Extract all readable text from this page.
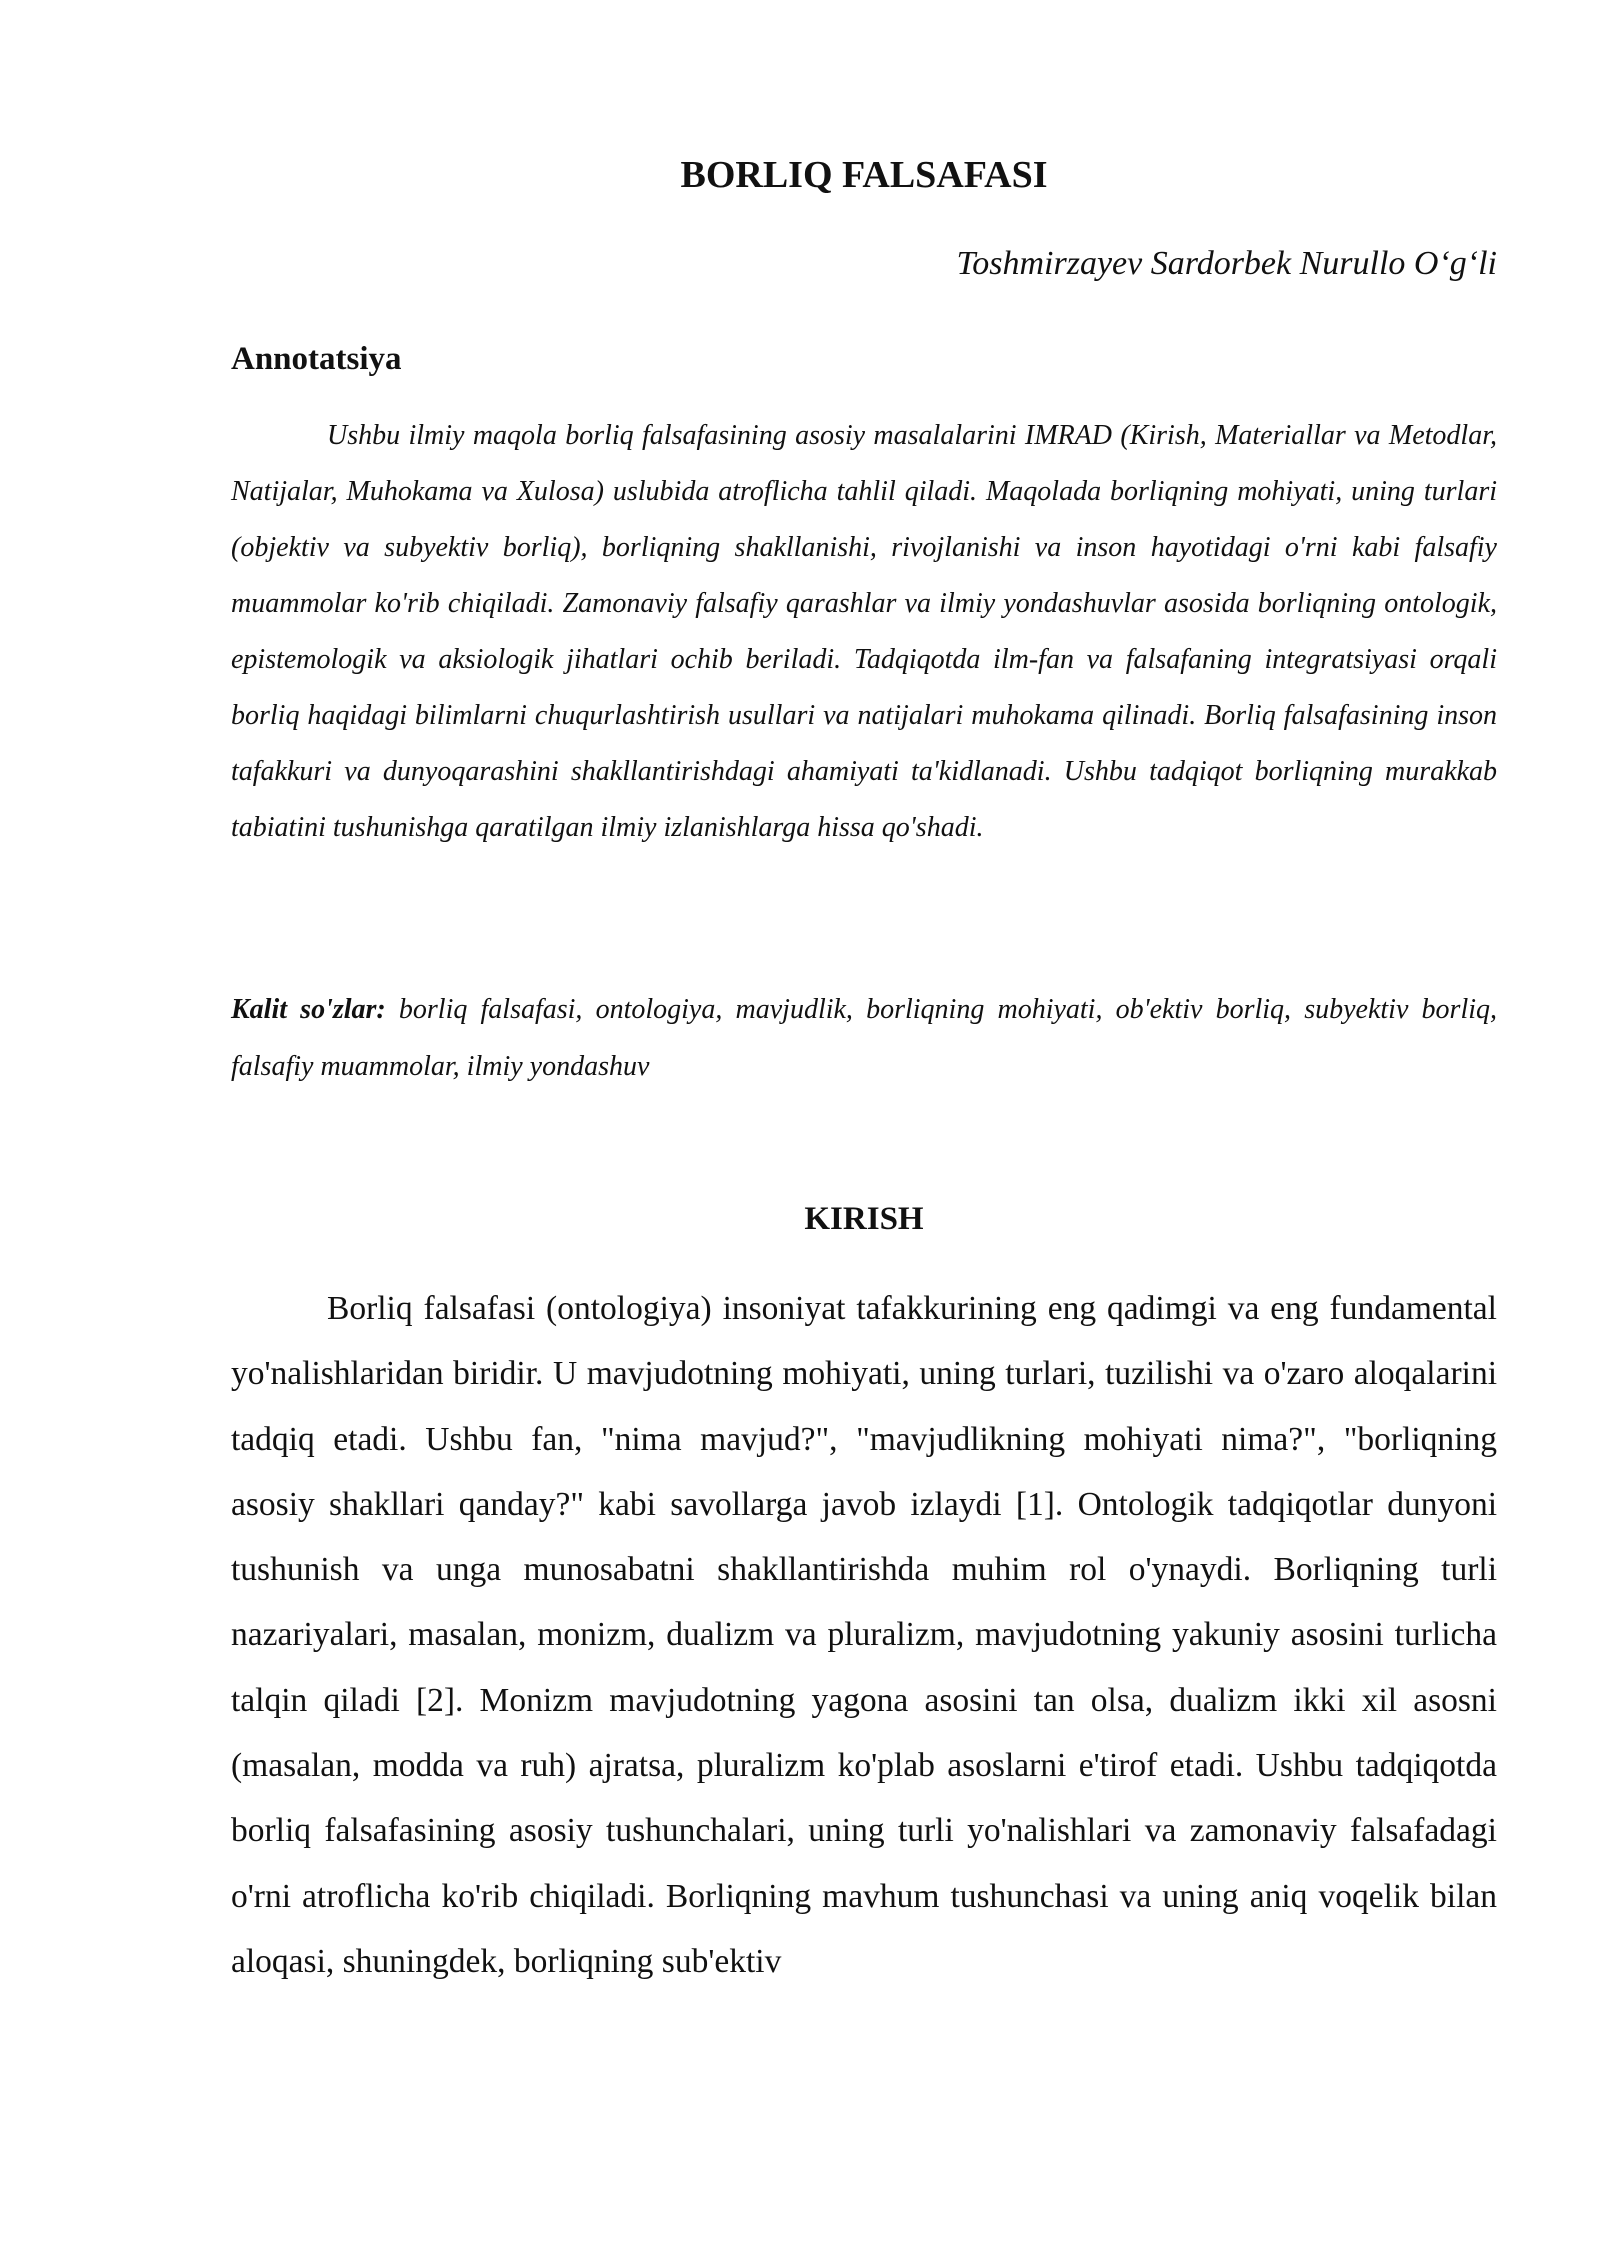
BORLIQ FALSAFASI

Toshmirzayev Sardorbek Nurullo O‘g‘li

Annotatsiya

Ushbu ilmiy maqola borliq falsafasining asosiy masalalarini IMRAD (Kirish, Materiallar va Metodlar, Natijalar, Muhokama va Xulosa) uslubida atroflicha tahlil qiladi. Maqolada borliqning mohiyati, uning turlari (objektiv va subyektiv borliq), borliqning shakllanishi, rivojlanishi va inson hayotidagi o'rni kabi falsafiy muammolar ko'rib chiqiladi. Zamonaviy falsafiy qarashlar va ilmiy yondashuvlar asosida borliqning ontologik, epistemologik va aksiologik jihatlari ochib beriladi. Tadqiqotda ilm-fan va falsafaning integratsiyasi orqali borliq haqidagi bilimlarni chuqurlashtirish usullari va natijalari muhokama qilinadi. Borliq falsafasining inson tafakkuri va dunyoqarashini shakllantirishdagi ahamiyati ta'kidlanadi. Ushbu tadqiqot borliqning murakkab tabiatini tushunishga qaratilgan ilmiy izlanishlarga hissa qo'shadi.

Kalit so'zlar: borliq falsafasi, ontologiya, mavjudlik, borliqning mohiyati, ob'ektiv borliq, subyektiv borliq, falsafiy muammolar, ilmiy yondashuv

KIRISH

Borliq falsafasi (ontologiya) insoniyat tafakkurining eng qadimgi va eng fundamental yo'nalishlaridan biridir. U mavjudotning mohiyati, uning turlari, tuzilishi va o'zaro aloqalarini tadqiq etadi. Ushbu fan, "nima mavjud?", "mavjudlikning mohiyati nima?", "borliqning asosiy shakllari qanday?" kabi savollarga javob izlaydi [1]. Ontologik tadqiqotlar dunyoni tushunish va unga munosabatni shakllantirishda muhim rol o'ynaydi. Borliqning turli nazariyalari, masalan, monizm, dualizm va pluralizm, mavjudotning yakuniy asosini turlicha talqin qiladi [2]. Monizm mavjudotning yagona asosini tan olsa, dualizm ikki xil asosni (masalan, modda va ruh) ajratsa, pluralizm ko'plab asoslarni e'tirof etadi. Ushbu tadqiqotda borliq falsafasining asosiy tushunchalari, uning turli yo'nalishlari va zamonaviy falsafadagi o'rni atroflicha ko'rib chiqiladi. Borliqning mavhum tushunchasi va uning aniq voqelik bilan aloqasi, shuningdek, borliqning sub'ektiv
